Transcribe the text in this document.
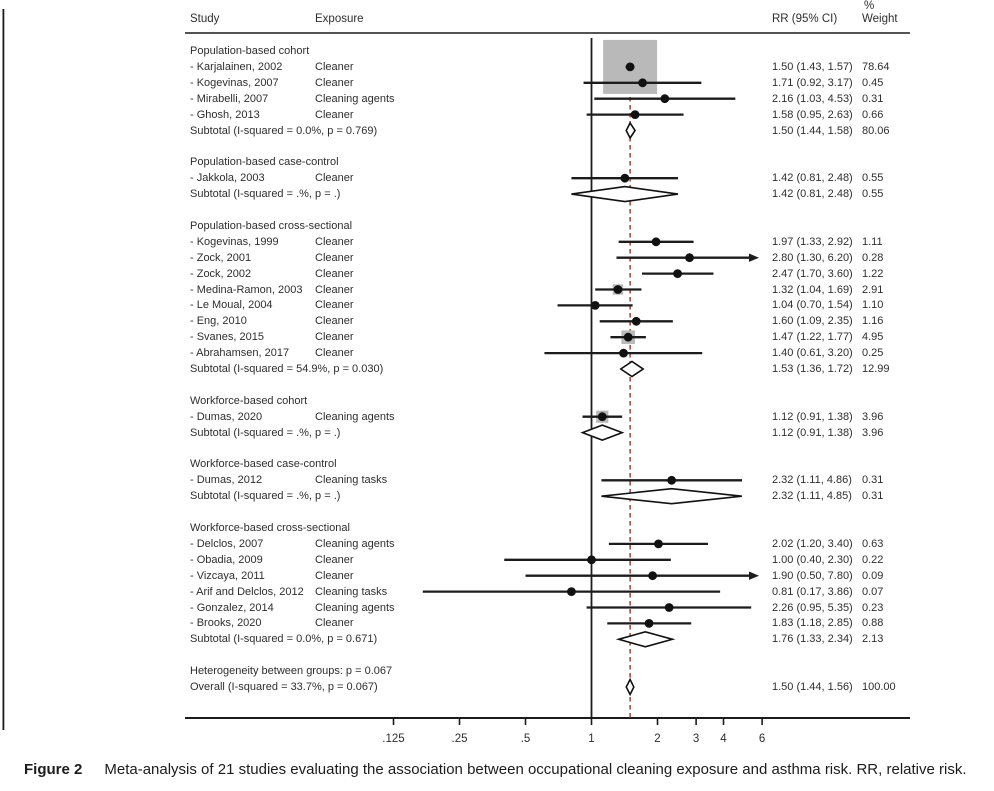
Study	Exposure
%
RR (95% CI) Weight
.125	.25	.5	1	2	3 4	6
Population-based cohort
- Karjalainen, 2002	Cleaner	1.50 (1.43, 1.57) 78.64
- Kogevinas, 2007	Cleaner	1.71 (0.92, 3.17) 0.45
- Mirabelli, 2007	Cleaning agents	2.16 (1.03, 4.53) 0.31
- Ghosh, 2013	Cleaner	1.58 (0.95, 2.63) 0.66
Subtotal (I-squared = 0.0%, p = 0.769)	1.50 (1.44, 1.58) 80.06
Population-based case-control
- Jakkola, 2003	Cleaner	1.42 (0.81, 2.48) 0.55
Subtotal (I-squared = .%, p = .)	1.42 (0.81, 2.48) 0.55
Population-based cross-sectional
- Kogevinas, 1999	Cleaner	1.97 (1.33, 2.92) 1.11
- Zock, 2001	Cleaner	2.80 (1.30, 6.20) 0.28
- Zock, 2002	Cleaner	2.47 (1.70, 3.60) 1.22
- Medina-Ramon, 2003 Cleaner	1.32 (1.04, 1.69) 2.91
- Le Moual, 2004	Cleaner	1.04 (0.70, 1.54) 1.10
- Eng, 2010	Cleaner	1.60 (1.09, 2.35) 1.16
- Svanes, 2015	Cleaner	1.47 (1.22, 1.77) 4.95
- Abrahamsen, 2017 Cleaner	1.40 (0.61, 3.20) 0.25
Subtotal (I-squared = 54.9%, p = 0.030)	1.53 (1.36, 1.72) 12.99
Workforce-based cohort
- Dumas, 2020	Cleaning agents	1.12 (0.91, 1.38) 3.96
Subtotal (I-squared = .%, p = .)	1.12 (0.91, 1.38) 3.96
Workforce-based case-control
- Dumas, 2012	Cleaning tasks	2.32 (1.11, 4.86) 0.31
Subtotal (I-squared = .%, p = .)	2.32 (1.11, 4.85) 0.31
Workforce-based cross-sectional
- Delclos, 2007	Cleaning agents	2.02 (1.20, 3.40) 0.63
- Obadia, 2009	Cleaner	1.00 (0.40, 2.30) 0.22
- Vizcaya, 2011	Cleaner	1.90 (0.50, 7.80) 0.09
- Arif and Delclos, 2012 Cleaning tasks	0.81 (0.17, 3.86) 0.07
- Gonzalez, 2014	Cleaning agents	2.26 (0.95, 5.35) 0.23
- Brooks, 2020	Cleaner	1.83 (1.18, 2.85) 0.88
Subtotal (I-squared = 0.0%, p = 0.671)	1.76 (1.33, 2.34) 2.13
Heterogeneity between groups: p = 0.067
Overall (I-squared = 33.7%, p = 0.067)	1.50 (1.44, 1.56) 100.00
Figure 2 Meta-analysis of 21 studies evaluating the association between occupational cleaning exposure and asthma risk. RR, relative risk.
